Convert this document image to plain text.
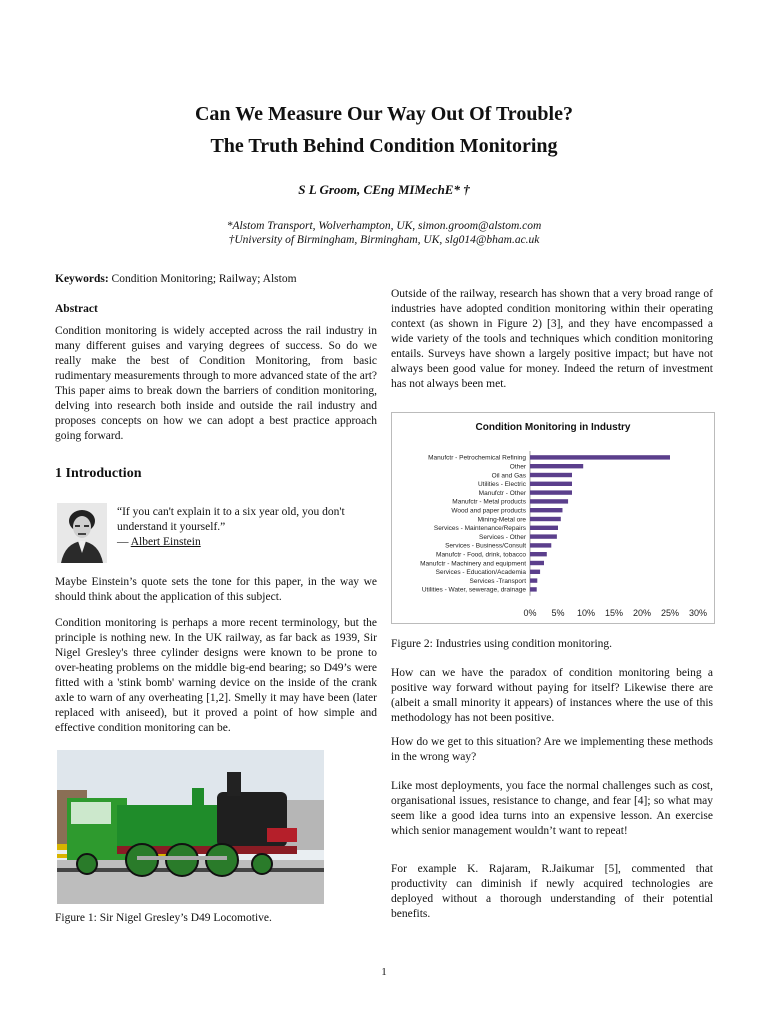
Can We Measure Our Way Out Of Trouble?
The Truth Behind Condition Monitoring
S L Groom, CEng MIMechE* †
*Alstom Transport, Wolverhampton, UK, simon.groom@alstom.com
†University of Birmingham, Birmingham, UK, slg014@bham.ac.uk
Keywords: Condition Monitoring; Railway; Alstom
Abstract

Condition monitoring is widely accepted across the rail industry in many different guises and varying degrees of success. So do we really make the best of Condition Monitoring, from basic rudimentary measurements through to more advanced state of the art? This paper aims to break down the barriers of condition monitoring, delving into research both inside and outside the rail industry and proposes concepts on how we can adopt a best practice approach going forward.

1 Introduction
“If you can't explain it to a six year old, you don't understand it yourself.”
— Albert Einstein

Maybe Einstein’s quote sets the tone for this paper, in the way we should think about the application of this subject.

Condition monitoring is perhaps a more recent terminology, but the principle is nothing new. In the UK railway, as far back as 1939, Sir Nigel Gresley's three cylinder designs were known to be prone to over-heating problems on the middle big-end bearing; so D49’s were fitted with a 'stink bomb' warning device on the inside of the crank axle to warn of any overheating [1,2]. Smelly it may have been (later replaced with aniseed), but it proved a point of how simple and effective condition monitoring can be.

Figure 1: Sir Nigel Gresley’s D49 Locomotive.

Outside of the railway, research has shown that a very broad range of industries have adopted condition monitoring within their operating context (as shown in Figure 2) [3], and they have encompassed a wide variety of the tools and techniques which condition monitoring entails. Surveys have shown a largely positive impact; but have not always been good value for money. Indeed the return of investment has not always been met.

Condition Monitoring in Industry
Manufctr - Petrochemical Refining
Other
Oil and Gas
Utilities - Electric
Manufctr - Other
Manufctr - Metal products
Wood and paper products
Mining-Metal ore
Services - Maintenance/Repairs
Services - Other
Services - Business/Consult
Manufctr - Food, drink, tobacco
Manufctr - Machinery and equipment
Services - Education/Academia
Services -Transport
Utilities - Water, sewerage, drainage
0% 5% 10% 15% 20% 25% 30%
Figure 2: Industries using condition monitoring.

How can we have the paradox of condition monitoring being a positive way forward without paying for itself? Likewise there are (albeit a small minority it appears) of instances where the use of this methodology has not been positive.

How do we get to this situation? Are we implementing these methods in the wrong way?

Like most deployments, you face the normal challenges such as cost, organisational issues, resistance to change, and fear [4]; so what may seem like a good idea turns into an expensive lesson. An exercise which senior management wouldn’t want to repeat!

For example K. Rajaram, R.Jaikumar [5], commented that productivity can diminish if newly acquired technologies are deployed without a thorough understanding of their potential benefits.

1
